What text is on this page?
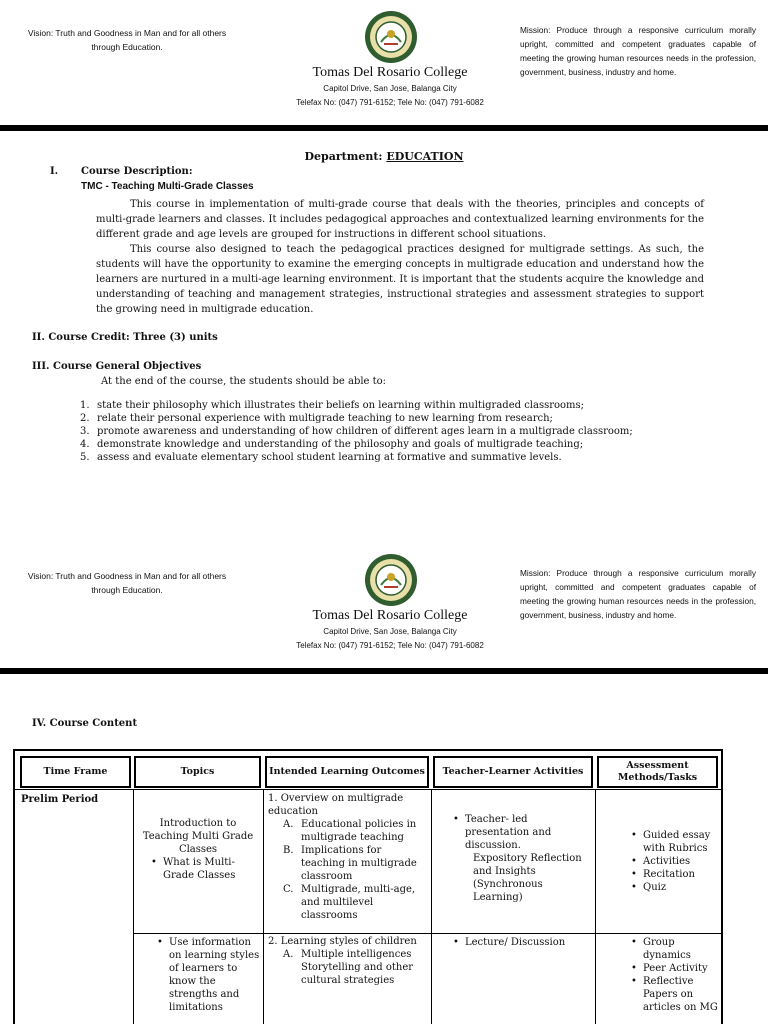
Vision: Truth and Goodness in Man and for all others through Education.
Tomas Del Rosario College
Capitol Drive, San Jose, Balanga City
Telefax No: (047) 791-6152; Tele No: (047) 791-6082
Mission: Produce through a responsive curriculum morally upright, committed and competent graduates capable of meeting the growing human resources needs in the profession, government, business, industry and home.
Department: EDUCATION
I. Course Description:
TMC - Teaching Multi-Grade Classes

This course in implementation of multi-grade course that deals with the theories, principles and concepts of multi-grade learners and classes. It includes pedagogical approaches and contextualized learning environments for the different grade and age levels are grouped for instructions in different school situations.

This course also designed to teach the pedagogical practices designed for multigrade settings. As such, the students will have the opportunity to examine the emerging concepts in multigrade education and understand how the learners are nurtured in a multi-age learning environment. It is important that the students acquire the knowledge and understanding of teaching and management strategies, instructional strategies and assessment strategies to support the growing need in multigrade education.

II. Course Credit: Three (3) units
III. Course General Objectives
At the end of the course, the students should be able to:
1. state their philosophy which illustrates their beliefs on learning within multigraded classrooms;
2. relate their personal experience with multigrade teaching to new learning from research;
3. promote awareness and understanding of how children of different ages learn in a multigrade classroom;
4. demonstrate knowledge and understanding of the philosophy and goals of multigrade teaching;
5. assess and evaluate elementary school student learning at formative and summative levels.
Vision: Truth and Goodness in Man and for all others through Education.
Tomas Del Rosario College
Capitol Drive, San Jose, Balanga City
Telefax No: (047) 791-6152; Tele No: (047) 791-6082
Mission: Produce through a responsive curriculum morally upright, committed and competent graduates capable of meeting the growing human resources needs in the profession, government, business, industry and home.
IV. Course Content
Time Frame	Topics	Intended Learning Outcomes	Teacher-Learner Activities
Assessment Methods/Tasks
Prelim Period
Introduction to
Teaching Multi Grade
Classes
• What is Multi-Grade Classes
1. Overview on multigrade education
A. Educational policies in multigrade teaching
B. Implications for teaching in multigrade classroom
C. Multigrade, multi-age, and multilevel classrooms
• Teacher- led presentation and discussion.
Expository Reflection and Insights (Synchronous Learning)
• Guided essay with Rubrics
• Activities
• Recitation
• Quiz
• Use information on learning styles of learners to know the strengths and limitations
2. Learning styles of children
A. Multiple intelligences Storytelling and other cultural strategies
• Lecture/ Discussion
•	Group dynamics
• Peer Activity
• Reflective Papers on articles on MG
